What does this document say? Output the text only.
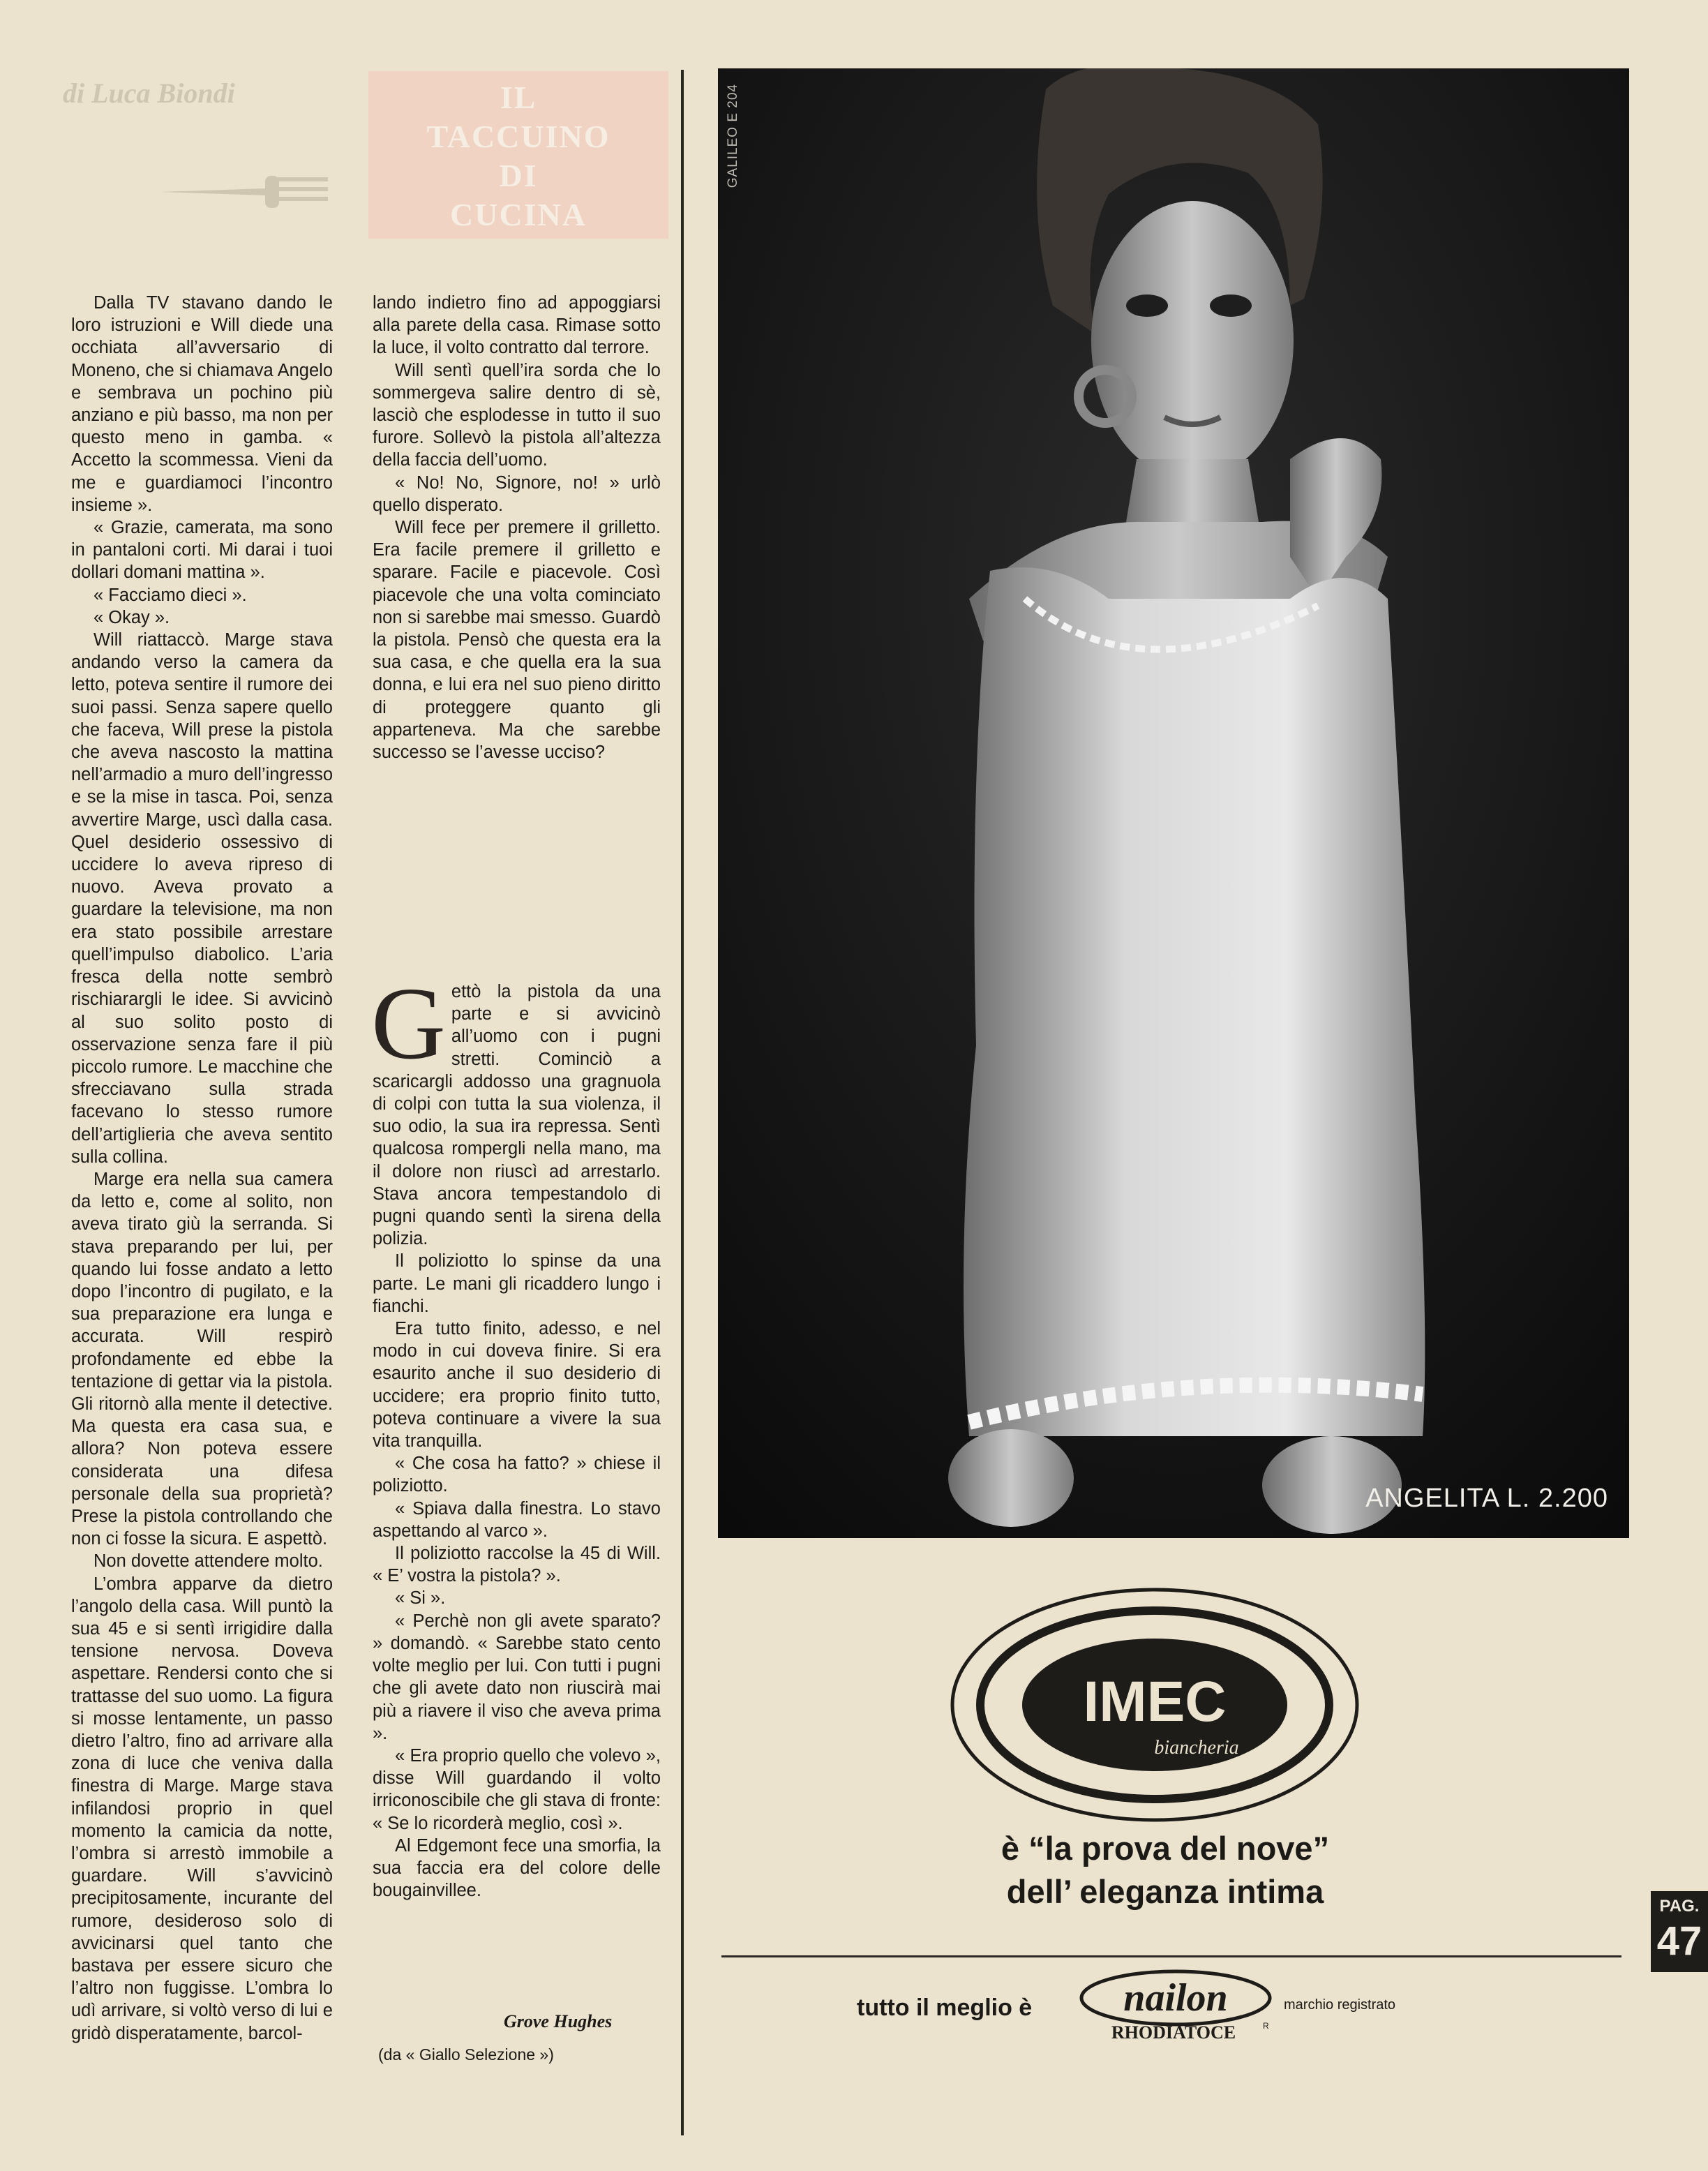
di Luca Biondi	IL
TACCUINO
DI
CUCINA

Dalla TV stavano dando le loro istruzioni e Will diede una occhiata all’avversario di Moneno, che si chiamava Angelo e sembrava un pochino più anziano e più basso, ma non per questo meno in gamba. « Accetto la scommessa. Vieni da me e guardiamoci l’incontro insieme ».

« Grazie, camerata, ma sono in pantaloni corti. Mi darai i tuoi dollari domani mattina ».

« Facciamo dieci ».

« Okay ».

Will riattaccò. Marge stava andando verso la camera da letto, poteva sentire il rumore dei suoi passi. Senza sapere quello che faceva, Will prese la pistola che aveva nascosto la mattina nell’armadio a muro dell’ingresso e se la mise in tasca. Poi, senza avvertire Marge, uscì dalla casa. Quel desiderio ossessivo di uccidere lo aveva ripreso di nuovo. Aveva provato a guardare la televisione, ma non era stato possibile arrestare quell’impulso diabolico. L’aria fresca della notte sembrò rischiarargli le idee. Si avvicinò al suo solito posto di osservazione senza fare il più piccolo rumore. Le macchine che sfrecciavano sulla strada facevano lo stesso rumore dell’artiglieria che aveva sentito sulla collina.

Marge era nella sua camera da letto e, come al solito, non aveva tirato giù la serranda. Si stava preparando per lui, per quando lui fosse andato a letto dopo l’incontro di pugilato, e la sua preparazione era lunga e accurata. Will respirò profondamente ed ebbe la tentazione di gettar via la pistola. Gli ritornò alla mente il detective. Ma questa era casa sua, e allora? Non poteva essere considerata una difesa personale della sua proprietà? Prese la pistola controllando che non ci fosse la sicura. E aspettò.

Non dovette attendere molto.

L’ombra apparve da dietro l’angolo della casa. Will puntò la sua 45 e si sentì irrigidire dalla tensione nervosa. Doveva aspettare. Rendersi conto che si trattasse del suo uomo. La figura si mosse lentamente, un passo dietro l’altro, fino ad arrivare alla zona di luce che veniva dalla finestra di Marge. Marge stava infilandosi proprio in quel momento la camicia da notte, l’ombra si arrestò immobile a guardare. Will s’avvicinò precipitosamente, incurante del rumore, desideroso solo di avvicinarsi quel tanto che bastava per essere sicuro che l’altro non fuggisse. L’ombra lo udì arrivare, si voltò verso di lui e gridò disperatamente, barcol-

lando indietro fino ad appoggiarsi alla parete della casa. Rimase sotto la luce, il volto contratto dal terrore.

Will sentì quell’ira sorda che lo sommergeva salire dentro di sè, lasciò che esplodesse in tutto il suo furore. Sollevò la pistola all’altezza della faccia dell’uomo.

« No! No, Signore, no! » urlò quello disperato.

Will fece per premere il grilletto. Era facile premere il grilletto e sparare. Facile e piacevole. Così piacevole che una volta cominciato non si sarebbe mai smesso. Guardò la pistola. Pensò che questa era la sua casa, e che quella era la sua donna, e lui era nel suo pieno diritto di proteggere quanto gli apparteneva. Ma che sarebbe successo se l’avesse ucciso?

G ettò la pistola da una parte e si avvicinò all’uomo con i pugni stretti. Cominciò a scaricargli addosso una gragnuola di colpi con tutta la sua violenza, il suo odio, la sua ira repressa. Sentì qualcosa rompergli nella mano, ma il dolore non riuscì ad arrestarlo. Stava ancora tempestandolo di pugni quando sentì la sirena della polizia.

Il poliziotto lo spinse da una parte. Le mani gli ricaddero lungo i fianchi.

Era tutto finito, adesso, e nel modo in cui doveva finire. Si era esaurito anche il suo desiderio di uccidere; era proprio finito tutto, poteva continuare a vivere la sua vita tranquilla.

« Che cosa ha fatto? » chiese il poliziotto.

« Spiava dalla finestra. Lo stavo aspettando al varco ».

Il poliziotto raccolse la 45 di Will. « E’ vostra la pistola? ».

« Si ».

« Perchè non gli avete sparato? » domandò. « Sarebbe stato cento volte meglio per lui. Con tutti i pugni che gli avete dato non riuscirà mai più a riavere il viso che aveva prima ».

« Era proprio quello che volevo », disse Will guardando il volto irriconoscibile che gli stava di fronte: « Se lo ricorderà meglio, così ».

Al Edgemont fece una smorfia, la sua faccia era del colore delle bougainvillee.

Grove Hughes
(da « Giallo Selezione »)
GALILEO E 204
ANGELITA L. 2.200
IMEC
biancheria
è “la prova del nove”
dell’ eleganza intima
tutto il meglio è nailon
RHODIATOCE	R
marchio registrato
PAG.
47
